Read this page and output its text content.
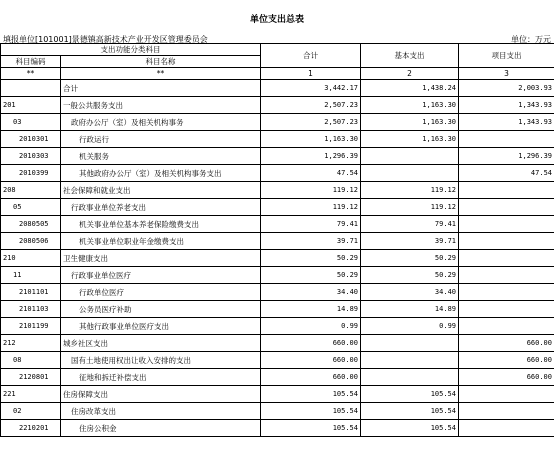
单位支出总表
填报单位[101001]景德镇高新技术产业开发区管理委员会	单位：万元
支出功能分类科目		合计	基本支出	项目支出
科目编码	科目名称			
**	**	1	2	3
	合计	3,442.17	1,438.24	2,003.93
201	一般公共服务支出	2,507.23	1,163.30	1,343.93
03	政府办公厅（室）及相关机构事务	2,507.23	1,163.30	1,343.93
2010301	行政运行	1,163.30	1,163.30	
2010303	机关服务	1,296.39		1,296.39
2010399	其他政府办公厅（室）及相关机构事务支出	47.54		47.54
208	社会保障和就业支出	119.12	119.12	
05	行政事业单位养老支出	119.12	119.12	
2080505	机关事业单位基本养老保险缴费支出	79.41	79.41	
2080506	机关事业单位职业年金缴费支出	39.71	39.71	
210	卫生健康支出	50.29	50.29	
11	行政事业单位医疗	50.29	50.29	
2101101	行政单位医疗	34.40	34.40	
2101103	公务员医疗补助	14.89	14.89	
2101199	其他行政事业单位医疗支出	0.99	0.99	
212	城乡社区支出	660.00		660.00
08	国有土地使用权出让收入安排的支出	660.00		660.00
2120801	征地和拆迁补偿支出	660.00		660.00
221	住房保障支出	105.54	105.54	
02	住房改革支出	105.54	105.54	
2210201	住房公积金	105.54	105.54	
